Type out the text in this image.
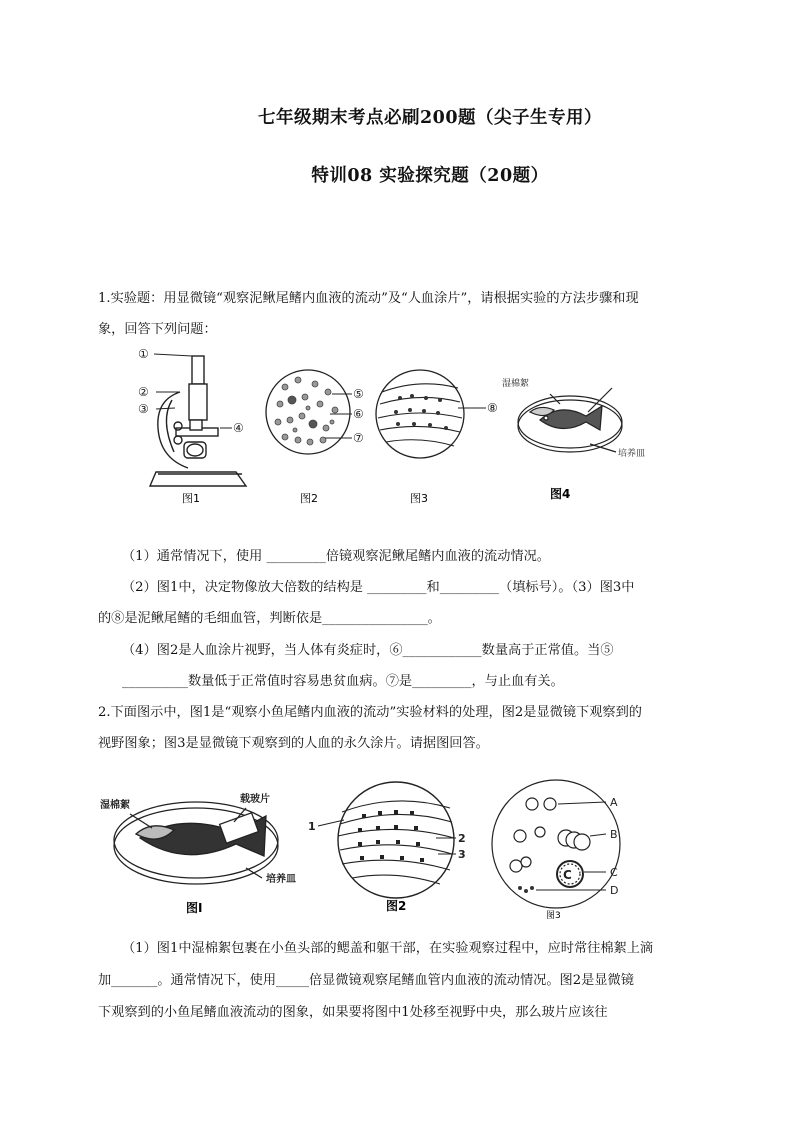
七年级期末考点必刷200题（尖子生专用）
特训08 实验探究题（20题）
1.实验题：用显微镜“观察泥鳅尾鳍内血液的流动”及“人血涂片”，请根据实验的方法步骤和现
象，回答下列问题：
①
②
③
④
图1
⑤
⑥
⑦
图2
⑧
图3
湿棉絮
培养皿
图4
（1）通常情况下，使用 _________倍镜观察泥鳅尾鳍内血液的流动情况。
（2）图1中，决定物像放大倍数的结构是 _________和_________（填标号）。（3）图3中
的⑧是泥鳅尾鳍的毛细血管，判断依是________________。
（4）图2是人血涂片视野，当人体有炎症时，⑥____________数量高于正常值。当⑤
__________数量低于正常值时容易患贫血病。⑦是_________，与止血有关。
2.下面图示中，图1是“观察小鱼尾鳍内血液的流动”实验材料的处理，图2是显微镜下观察到的
视野图象；图3是显微镜下观察到的人血的永久涂片。请据图回答。
湿棉絮
载玻片
培养皿
图I
1
2
3
图2
C
A
B
C
D
图3
（1）图1中湿棉絮包裹在小鱼头部的鳃盖和躯干部，在实验观察过程中，应时常往棉絮上滴
加_______。通常情况下，使用_____倍显微镜观察尾鳍血管内血液的流动情况。图2是显微镜
下观察到的小鱼尾鳍血液流动的图象，如果要将图中1处移至视野中央，那么玻片应该往
